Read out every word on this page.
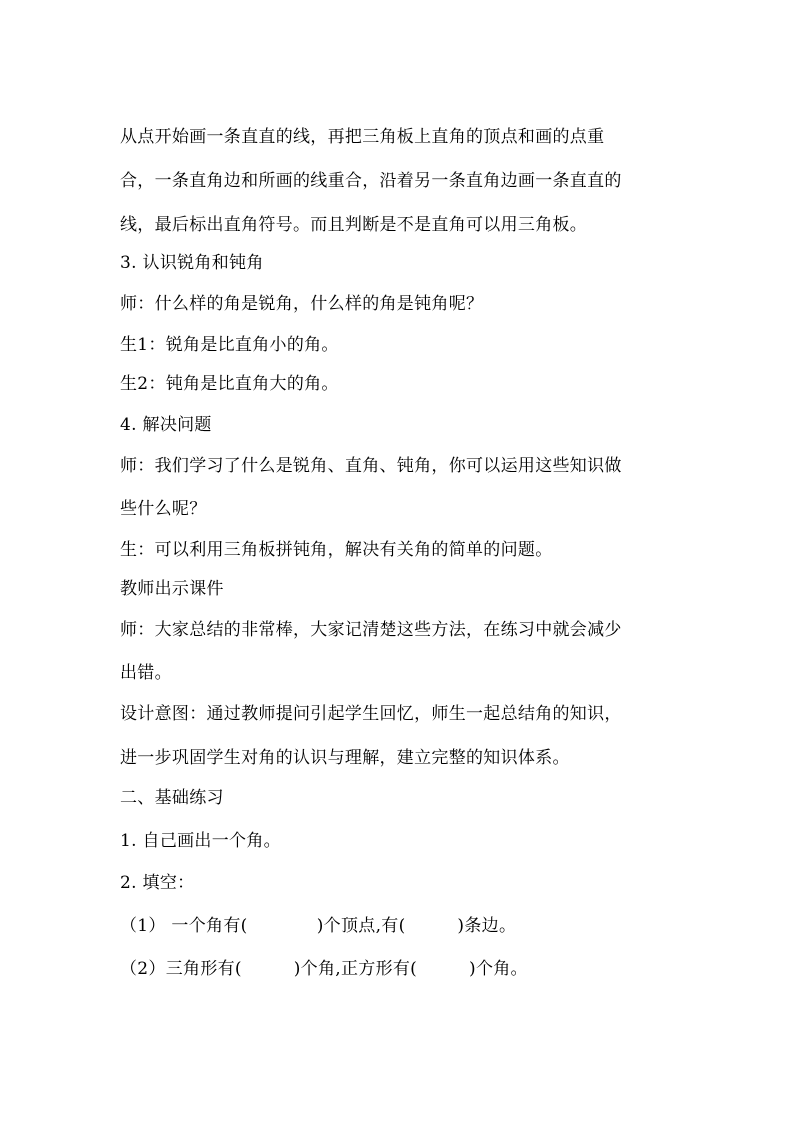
从点开始画一条直直的线，再把三角板上直角的顶点和画的点重
合，一条直角边和所画的线重合，沿着另一条直角边画一条直直的
线，最后标出直角符号。而且判断是不是直角可以用三角板。
3. 认识锐角和钝角
师：什么样的角是锐角，什么样的角是钝角呢？
生1：锐角是比直角小的角。
生2：钝角是比直角大的角。
4. 解决问题
师：我们学习了什么是锐角、直角、钝角，你可以运用这些知识做
些什么呢？
生：可以利用三角板拼钝角，解决有关角的简单的问题。
教师出示课件
师：大家总结的非常棒，大家记清楚这些方法，在练习中就会减少
出错。
设计意图：通过教师提问引起学生回忆，师生一起总结角的知识，
进一步巩固学生对角的认识与理解，建立完整的知识体系。
二、基础练习
1. 自己画出一个角。
2. 填空：
（1） 一个角有(　　　　)个顶点,有(　　　)条边。
（2）三角形有(　　　)个角,正方形有(　　　)个角。
